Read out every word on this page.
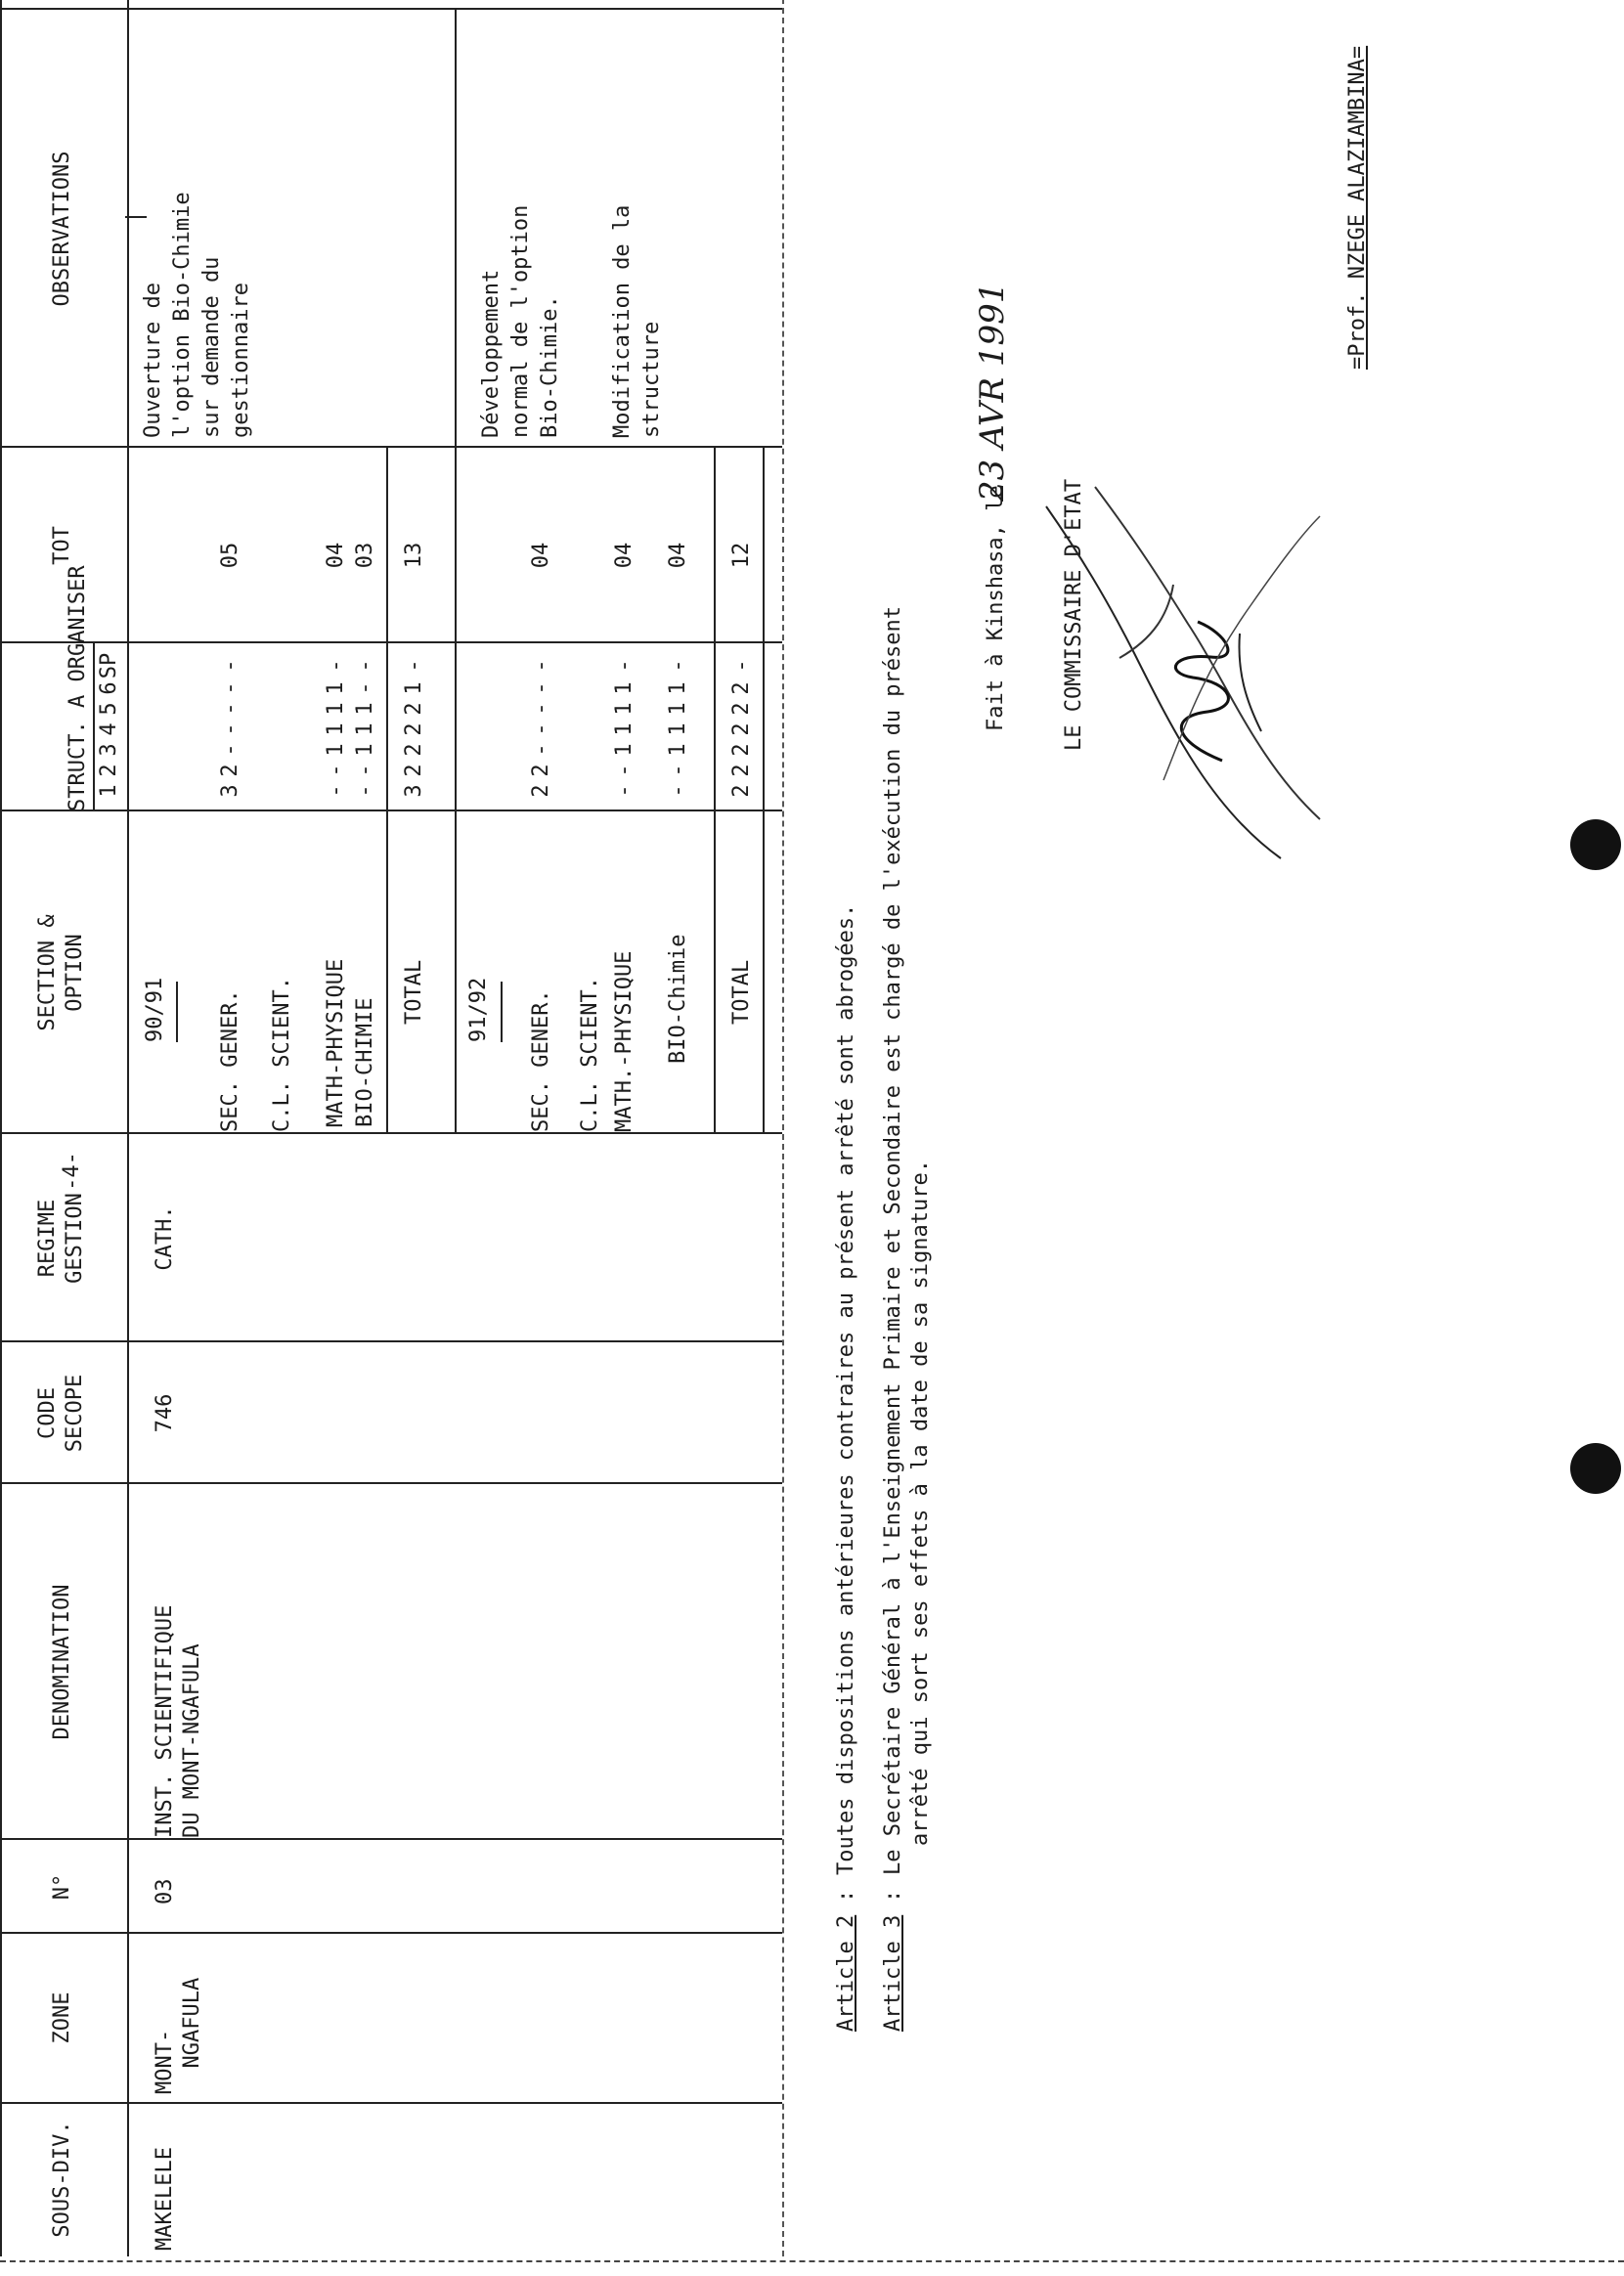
-4-
SOUS-DIV.
ZONE
N°
DENOMINATION
CODE
SECOPE
REGIME
GESTION
SECTION &
OPTION
STRUCT. A ORGANISER 1
2
3
4
5
6
SP
TOT
OBSERVATIONS
MAKELELE
MONT-
NGAFULA
03
INST. SCIENTIFIQUE
DU MONT-NGAFULA
746
CATH.
90/91 SEC. GENER. C.L. SCIENT. MATH-PHYSIQUE BIO-CHIMIE
TOTAL 91/92 SEC. GENER. C.L. SCIENT. MATH.-PHYSIQUE BIO-Chimie TOTAL
3
2
-
-
-
-
-
05
-
-
1
1
1
1
-
04
-
-
1
1
1
-
-
03
3
2
2
2
2
1
-
13
2
2
-
-
-
-
-
04
-
-
1
1
1
1
-
04
-
-
1
1
1
1
-
04
2
2
2
2
2
2
-
12
Ouverture de
l'option Bio-Chimie
sur demande du
gestionnaire	Développement
normal de l'option
Bio-Chimie. Modification de la
structure
Article 2
:
Toutes dispositions antérieures contraires au présent arrêté sont abrogées.
Article 3
:
Le Secrétaire Général à l'Enseignement Primaire et Secondaire est chargé de l'exécution du présent arrêté qui sort ses effets à la date de sa signature.
Fait à Kinshasa, le
23 AVR 1991
LE COMMISSAIRE D'ETAT
=Prof. NZEGE ALAZIAMBINA=
